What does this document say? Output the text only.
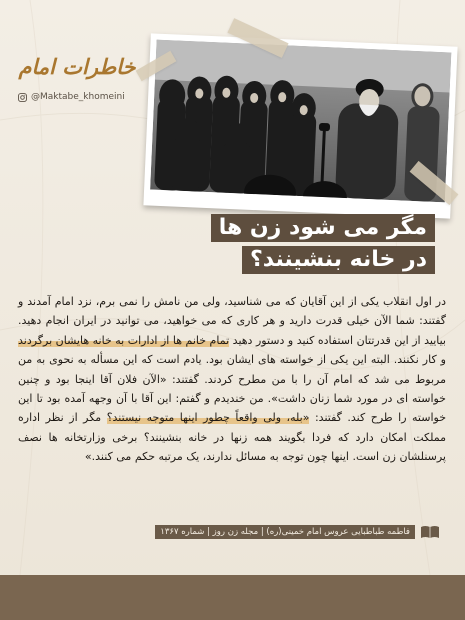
خاطرات امام
@Maktabe_khomeini
مگر می شود زن ها
در خانه بنشینند؟
در اول انقلاب یکی از این آقایان که می شناسید، ولی من نامش را نمی برم، نزد امام آمدند و گفتند: شما الآن خیلی قدرت دارید و هر کاری که می خواهید، می توانید در ایران انجام دهید. بیایید از این قدرتتان استفاده کنید و دستور دهید تمام خانم ها از ادارات به خانه هایشان برگردند و کار نکنند. البته این یکی از خواسته های ایشان بود. یادم است که این مسأله به نحوی به من مربوط می شد که امام آن را با من مطرح کردند. گفتند: «الآن فلان آقا اینجا بود و چنین خواسته ای در مورد شما زنان داشت». من خندیدم و گفتم: این آقا با آن وجهه آمده بود تا این خواسته را طرح کند. گفتند: «بله، ولی واقعاً چطور اینها متوجه نیستند؟ مگر از نظر اداره مملکت امکان دارد که فردا بگویند همه زنها در خانه بنشینند؟ برخی وزارتخانه ها نصف پرسنلشان زن است. اینها چون توجه به مسائل ندارند، یک مرتبه حکم می کنند.»
فاطمه طباطبایی عروس امام خمینی(ره) | مجله زن روز | شماره ۱۳۶۷
